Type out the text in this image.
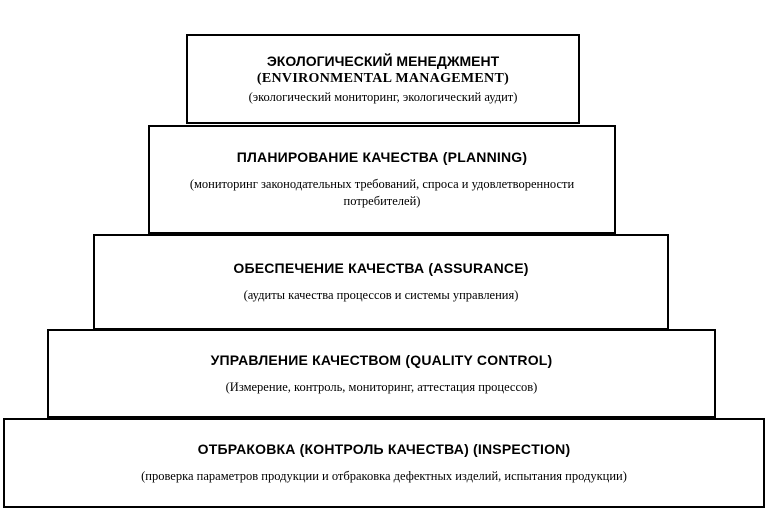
ЭКОЛОГИЧЕСКИЙ МЕНЕДЖМЕНТ
(ENVIRONMENTAL MANAGEMENT)
(экологический мониторинг, экологический аудит)
ПЛАНИРОВАНИЕ КАЧЕСТВА (PLANNING)
(мониторинг законодательных требований, спроса и удовлетворенности потребителей)
ОБЕСПЕЧЕНИЕ КАЧЕСТВА (ASSURANCE)
(аудиты качества процессов и системы управления)
УПРАВЛЕНИЕ КАЧЕСТВОМ (QUALITY CONTROL)
(Измерение, контроль, мониторинг, аттестация процессов)
ОТБРАКОВКА (КОНТРОЛЬ КАЧЕСТВА) (INSPECTION)
(проверка параметров продукции и отбраковка дефектных изделий, испытания продукции)
